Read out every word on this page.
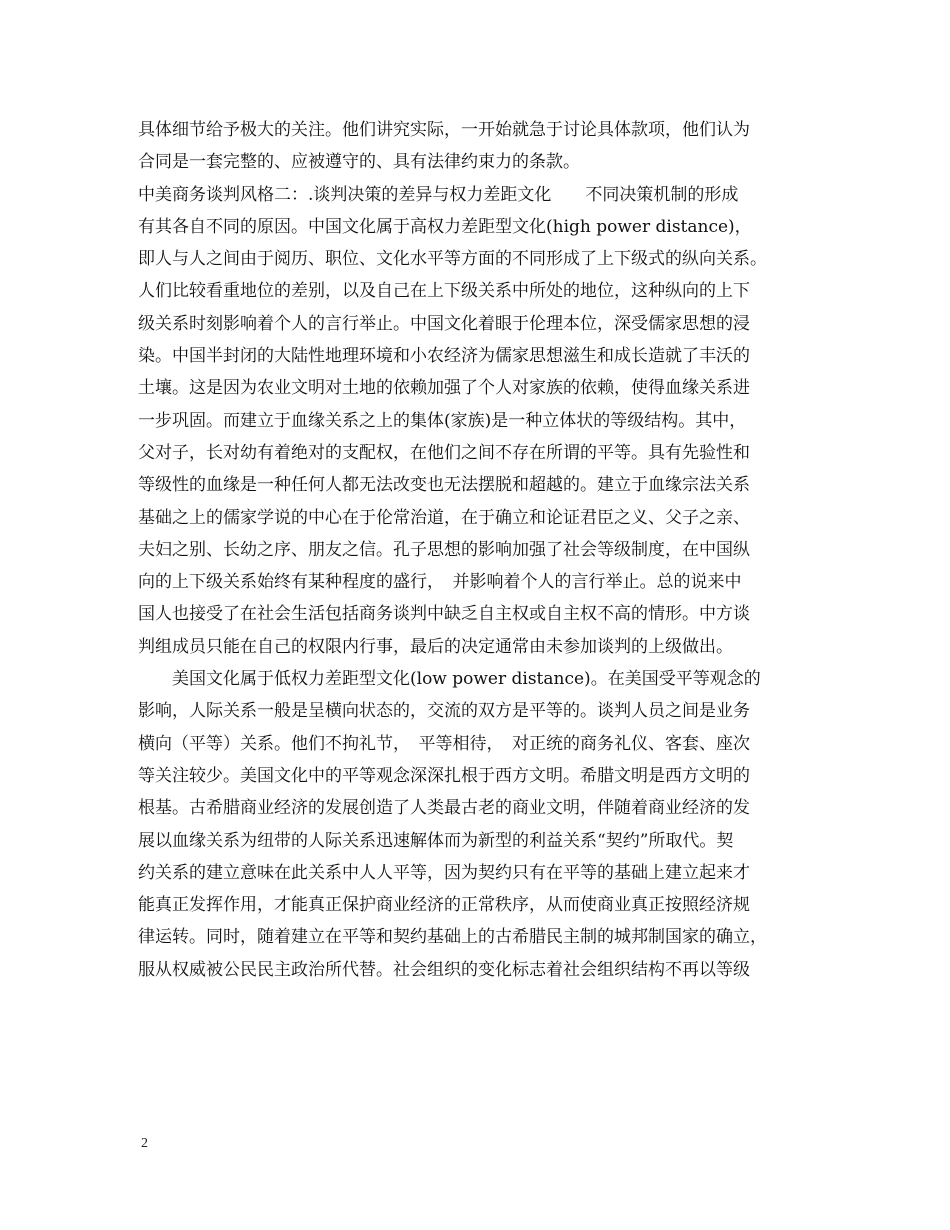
具体细节给予极大的关注。他们讲究实际，一开始就急于讨论具体款项，他们认为
合同是一套完整的、应被遵守的、具有法律约束力的条款。
中美商务谈判风格二：.谈判决策的差异与权力差距文化　　不同决策机制的形成
有其各自不同的原因。中国文化属于高权力差距型文化(high power distance)，
即人与人之间由于阅历、职位、文化水平等方面的不同形成了上下级式的纵向关系。
人们比较看重地位的差别，以及自己在上下级关系中所处的地位，这种纵向的上下
级关系时刻影响着个人的言行举止。中国文化着眼于伦理本位，深受儒家思想的浸
染。中国半封闭的大陆性地理环境和小农经济为儒家思想滋生和成长造就了丰沃的
土壤。这是因为农业文明对土地的依赖加强了个人对家族的依赖，使得血缘关系进
一步巩固。而建立于血缘关系之上的集体(家族)是一种立体状的等级结构。其中，
父对子，长对幼有着绝对的支配权，在他们之间不存在所谓的平等。具有先验性和
等级性的血缘是一种任何人都无法改变也无法摆脱和超越的。建立于血缘宗法关系
基础之上的儒家学说的中心在于伦常治道，在于确立和论证君臣之义、父子之亲、
夫妇之别、长幼之序、朋友之信。孔子思想的影响加强了社会等级制度，在中国纵
向的上下级关系始终有某种程度的盛行，　并影响着个人的言行举止。总的说来中
国人也接受了在社会生活包括商务谈判中缺乏自主权或自主权不高的情形。中方谈
判组成员只能在自己的权限内行事，最后的决定通常由未参加谈判的上级做出。
　　美国文化属于低权力差距型文化(low power distance)。在美国受平等观念的
影响，人际关系一般是呈横向状态的，交流的双方是平等的。谈判人员之间是业务
横向（平等）关系。他们不拘礼节，　平等相待，　对正统的商务礼仪、客套、座次
等关注较少。美国文化中的平等观念深深扎根于西方文明。希腊文明是西方文明的
根基。古希腊商业经济的发展创造了人类最古老的商业文明，伴随着商业经济的发
展以血缘关系为纽带的人际关系迅速解体而为新型的利益关系“契约”所取代。契
约关系的建立意味在此关系中人人平等，因为契约只有在平等的基础上建立起来才
能真正发挥作用，才能真正保护商业经济的正常秩序，从而使商业真正按照经济规
律运转。同时，随着建立在平等和契约基础上的古希腊民主制的城邦制国家的确立，
服从权威被公民民主政治所代替。社会组织的变化标志着社会组织结构不再以等级
2
